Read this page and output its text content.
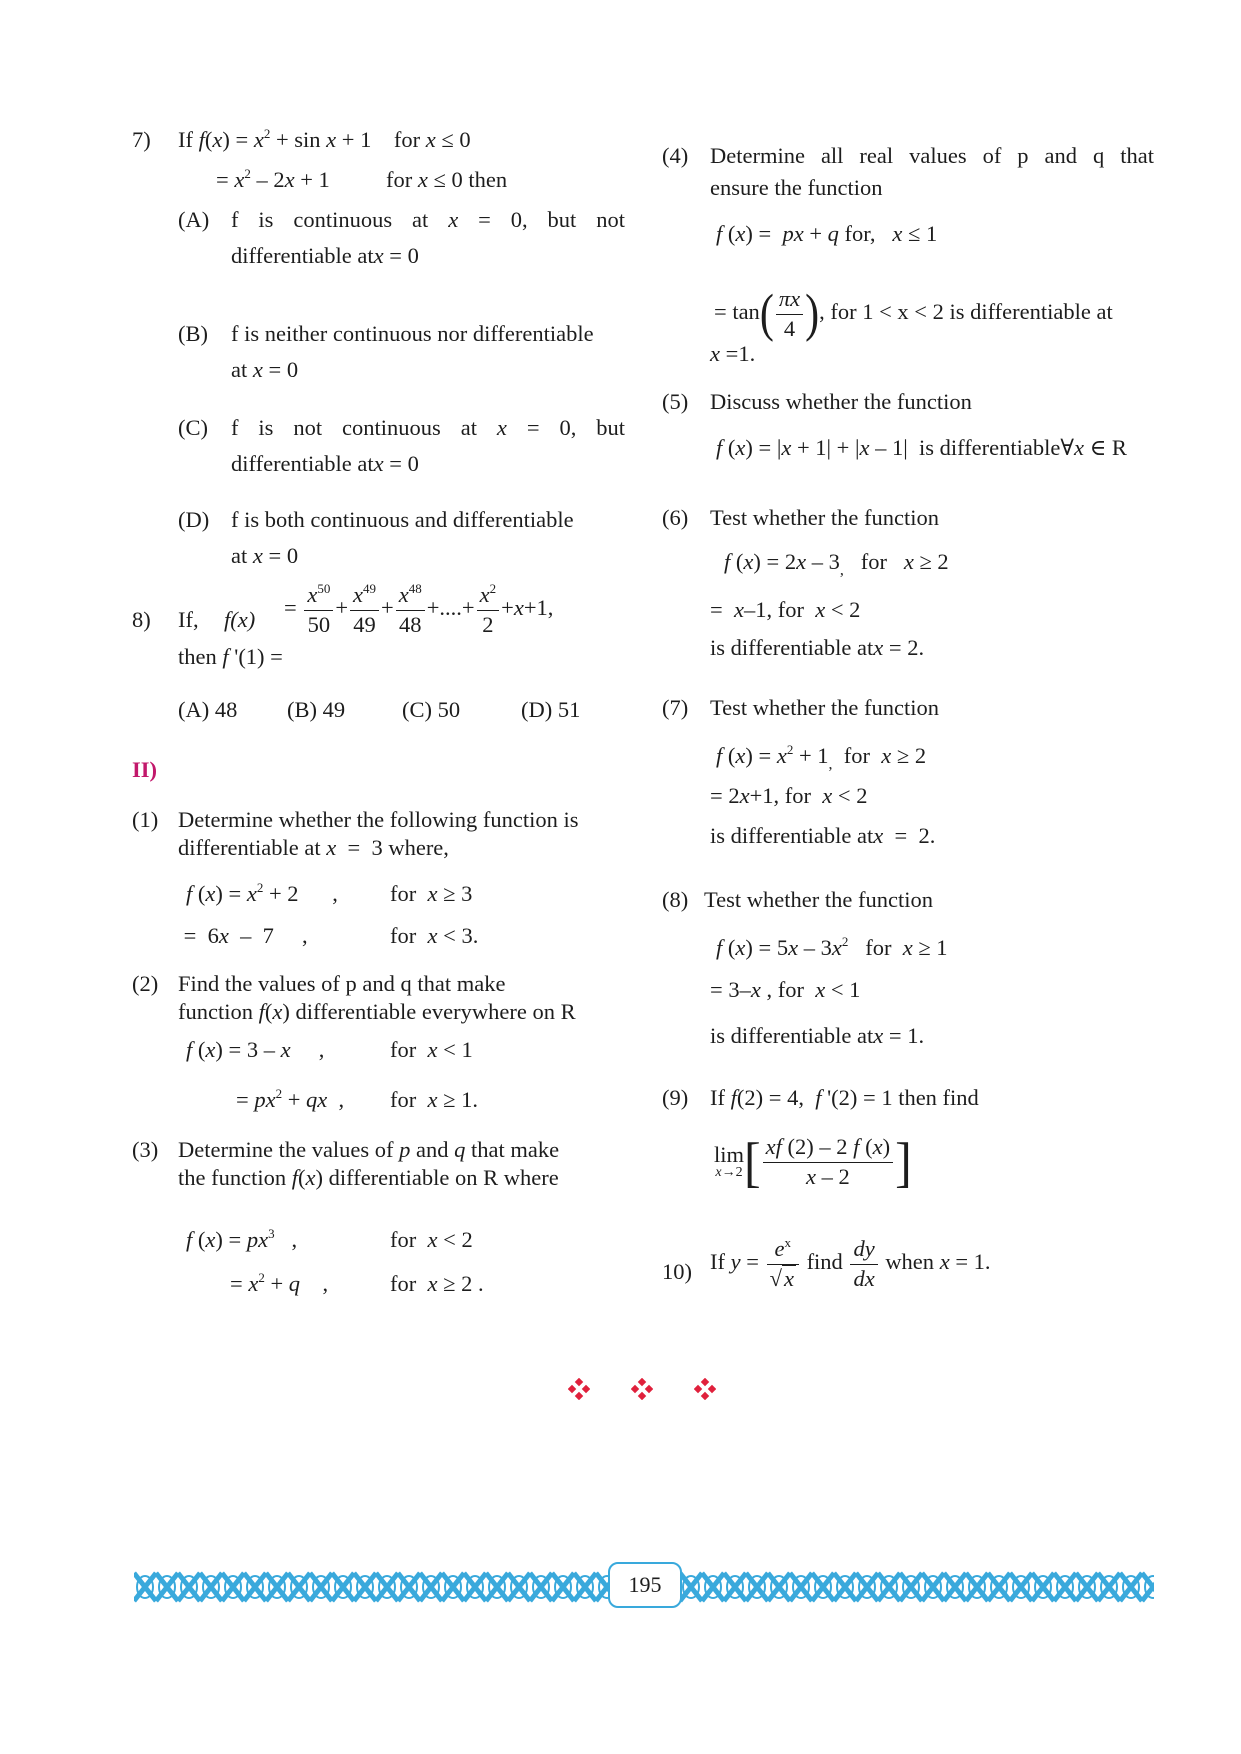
7) If $f(x) = x^2 + \sin x + 1$    for x ≤ 0
= $x^2 - 2x + 1$          for x ≤ 0 then
(A) f is continuous at x = 0, but not
differentiable atx = 0
(B) f is neither continuous nor differentiable
at x = 0
(C) f is not continuous at x = 0, but
differentiable atx = 0
(D) f is both continuous and differentiable
at x = 0
8) If, $f(x) = \frac{x^{50}}{50} + \frac{x^{49}}{49} + \frac{x^{48}}{48}$ +....+ $\frac{x^2}{2} +x+1$,
then f '(1) =
(A) 48 (B) 49	(C) 50	(D) 51
II)
(1) Determine whether the following function is
differentiable at x  =  3 where,
f $(x) = x^2 + 2$      , for  x ≥ 3
=  6x  –  7     ,	for  x < 3.
(2) Find the values of p and q that make
function f(x) differentiable everywhere on R
f (x) = 3 – x     ,	for  x < 1
= $px^2$ + qx  , for  x ≥ 1.
(3) Determine the values of p and q that make
the function f(x) differentiable on R where
f $(x) = px^3$   ,	for  x < 2
= $x^2 + q$    ,	for  x ≥ 2 .
(4) Determine all real values of p and q that
ensure the function
f (x) =  px + q for,   x ≤ 1
= $\tan( \frac{\pi x}{4}$ ), for 1 < x < 2 is differentiable at
x =1.
(5) Discuss whether the function
f (x) = |x + 1| + |x – 1|  is differentiable∀x ∈ R
(6) Test whether the function
f $(x) = 2x - 3_,$   for   x ≥ 2
=  x–1, for  x < 2
is differentiable atx = 2.
(7) Test whether the function
f $(x) = x^2 + 1_,$  for  x ≥ 2
= 2x+1, for  x < 2
is differentiable atx  =  2.
(8) Test whether the function
f $(x) = 5x - 3x^2$   for  x ≥ 1
= 3–x , for  x < 1
is differentiable atx = 1.
(9) If f(2) = 4,  f '(2) = 1 then find
lim
x→2 [ $\frac{xf (2) - 2 f (x)}{x - 2}$ ]
10) If $y = \frac{e^x}{√x}$ find $\frac{dy}{dx}$ when x = 1.
195
